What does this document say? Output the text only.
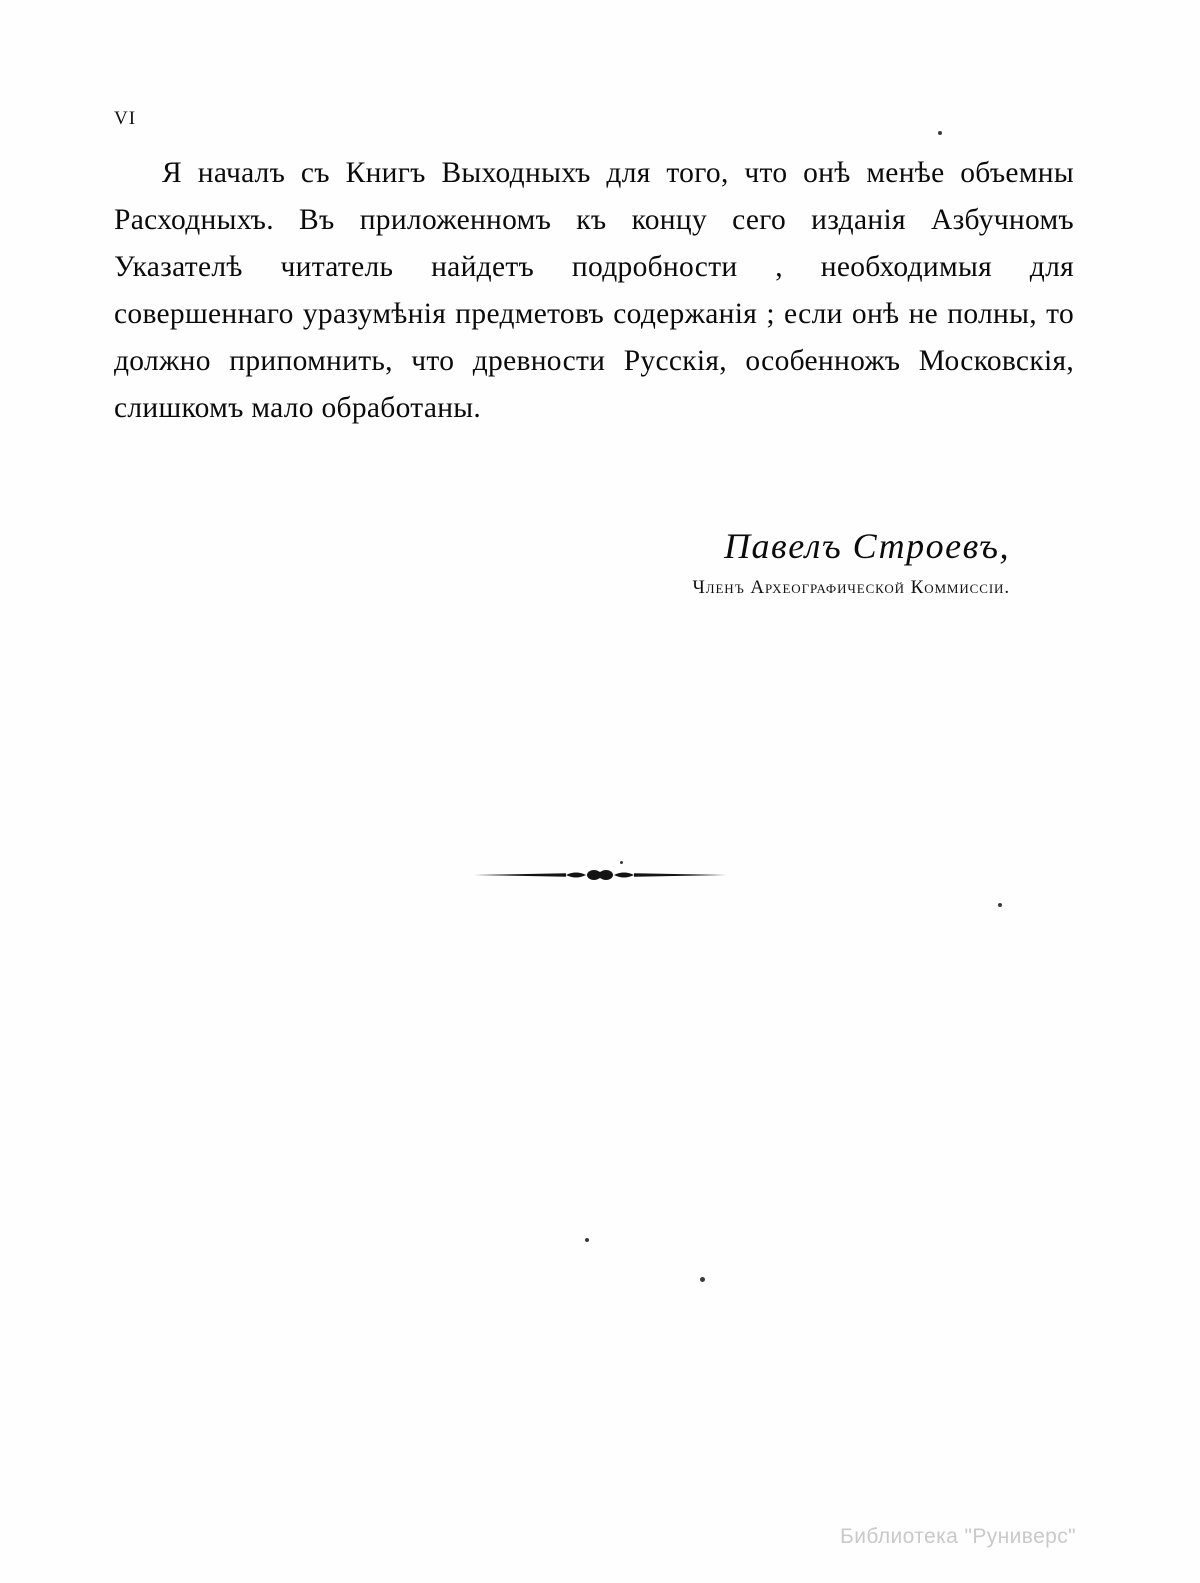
VI

Я начaлъ съ Книгъ Выходныхъ для того, что онѣ менѣе объемны Расходныхъ. Въ приложенномъ къ концу сего изданія Азбучномъ Указателѣ читатель найдетъ подробности , необходимыя для совершеннаго уразумѣнія предметовъ содержанія ; если онѣ не полны, то должно припомнить, что древности Русскія, особенножъ Московскія, слишкомъ мало обработаны.

Павелъ Строевъ,
Членъ Археографической Коммиссіи.
Библиотека "Руниверс"
